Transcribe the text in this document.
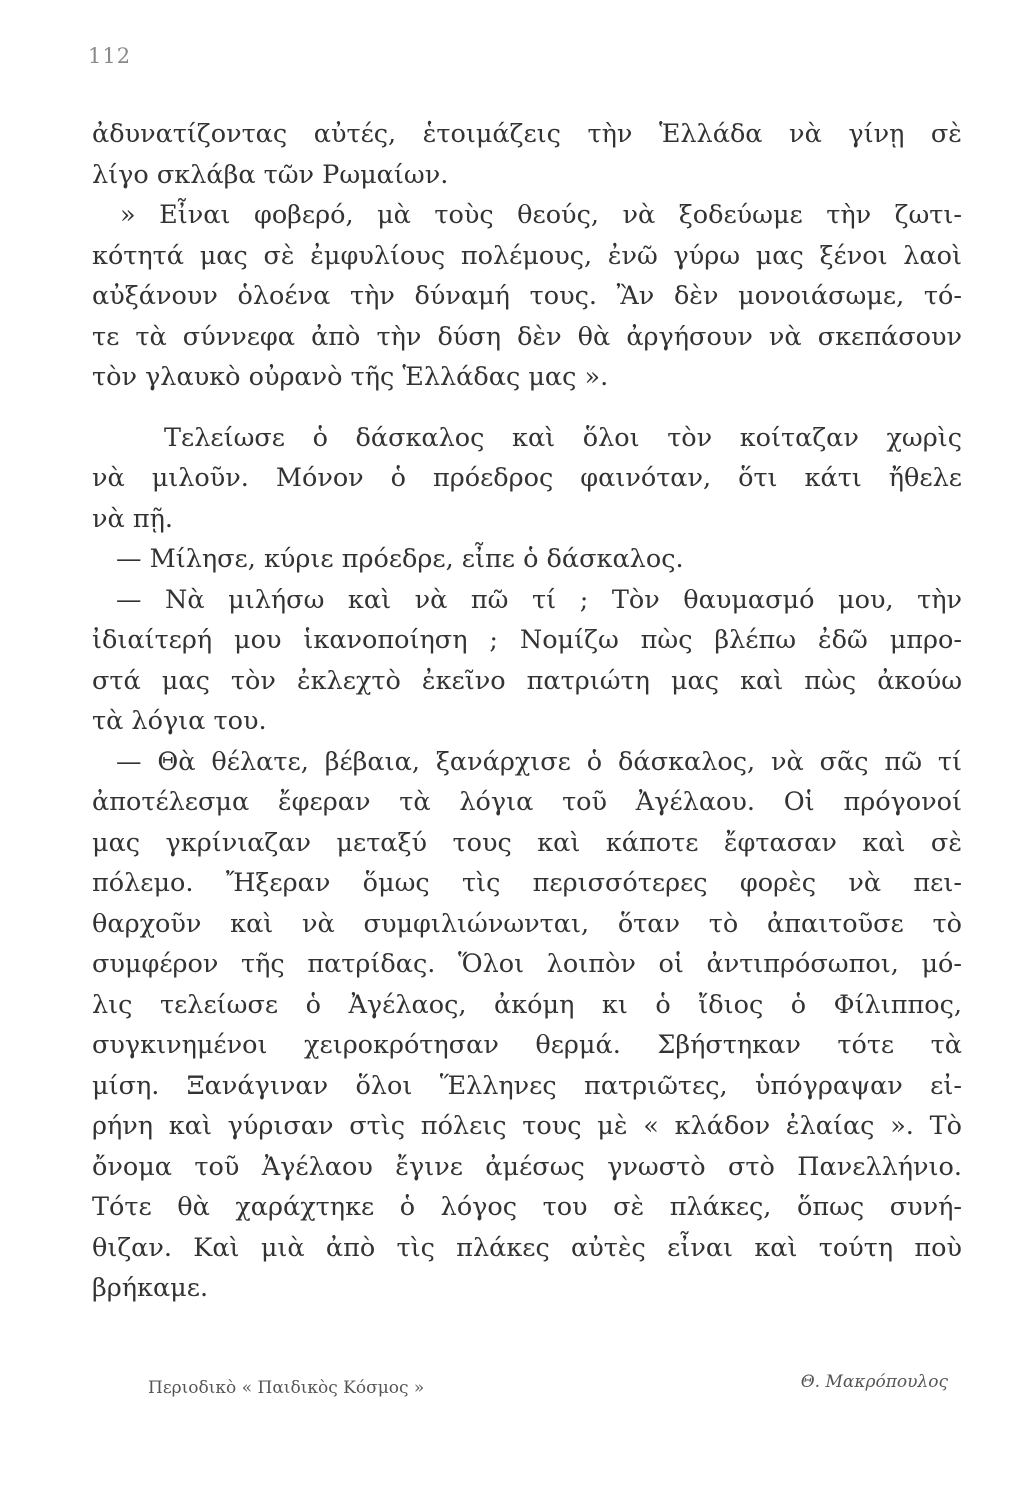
112
ἀδυνατίζοντας αὐτές, ἑτοιμάζεις τὴν Ἑλλάδα νὰ γίνῃ σὲ
λίγο σκλάβα τῶν Ρωμαίων.
» Εἶναι φοβερό, μὰ τοὺς θεούς, νὰ ξοδεύωμε τὴν ζωτι-
κότητά μας σὲ ἐμφυλίους πολέμους, ἐνῶ γύρω μας ξένοι λαοὶ
αὐξάνουν ὁλοένα τὴν δύναμή τους. Ἂν δὲν μονοιάσωμε, τό-
τε τὰ σύννεφα ἀπὸ τὴν δύση δὲν θὰ ἀργήσουν νὰ σκεπάσουν
τὸν γλαυκὸ οὐρανὸ τῆς Ἑλλάδας μας ».
Τελείωσε ὁ δάσκαλος καὶ ὅλοι τὸν κοίταζαν χωρὶς
νὰ μιλοῦν. Μόνον ὁ πρόεδρος φαινόταν, ὅτι κάτι ἤθελε
νὰ πῇ.
— Μίλησε, κύριε πρόεδρε, εἶπε ὁ δάσκαλος.
— Νὰ μιλήσω καὶ νὰ πῶ τί ; Τὸν θαυμασμό μου, τὴν
ἰδιαίτερή μου ἱκανοποίηση ; Νομίζω πὼς βλέπω ἐδῶ μπρο-
στά μας τὸν ἐκλεχτὸ ἐκεῖνο πατριώτη μας καὶ πὼς ἀκούω
τὰ λόγια του.
— Θὰ θέλατε, βέβαια, ξανάρχισε ὁ δάσκαλος, νὰ σᾶς πῶ τί
ἀποτέλεσμα ἔφεραν τὰ λόγια τοῦ Ἀγέλαου. Οἱ πρόγονοί
μας γκρίνιαζαν μεταξύ τους καὶ κάποτε ἔφτασαν καὶ σὲ
πόλεμο. Ἤξεραν ὅμως τὶς περισσότερες φορὲς νὰ πει-
θαρχοῦν καὶ νὰ συμφιλιώνωνται, ὅταν τὸ ἀπαιτοῦσε τὸ
συμφέρον τῆς πατρίδας. Ὅλοι λοιπὸν οἱ ἀντιπρόσωποι, μό-
λις τελείωσε ὁ Ἀγέλαος, ἀκόμη κι ὁ ἴδιος ὁ Φίλιππος,
συγκινημένοι χειροκρότησαν θερμά. Σβήστηκαν τότε τὰ
μίση. Ξανάγιναν ὅλοι Ἕλληνες πατριῶτες, ὑπόγραψαν εἰ-
ρήνη καὶ γύρισαν στὶς πόλεις τους μὲ « κλάδον ἐλαίας ». Τὸ
ὄνομα τοῦ Ἀγέλαου ἔγινε ἀμέσως γνωστὸ στὸ Πανελλήνιο.
Τότε θὰ χαράχτηκε ὁ λόγος του σὲ πλάκες, ὅπως συνή-
θιζαν. Καὶ μιὰ ἀπὸ τὶς πλάκες αὐτὲς εἶναι καὶ τούτη ποὺ
βρήκαμε.
Περιοδικὸ « Παιδικὸς Κόσμος »	Θ. Μακρόπουλος
